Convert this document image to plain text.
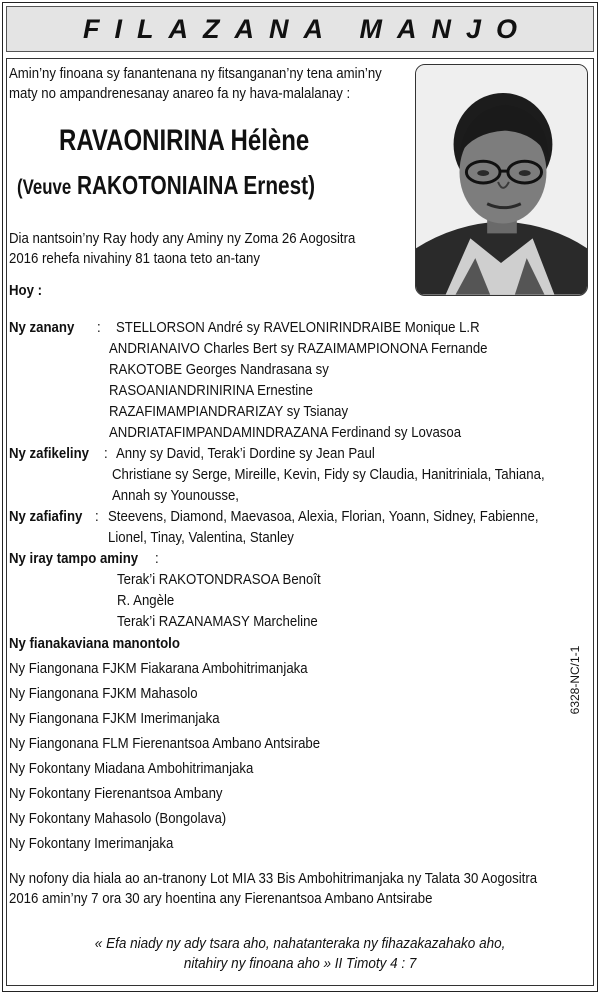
FILAZANA MANJO
Amin’ny finoana sy fanantenana ny fitsanganan’ny tena amin’ny
maty no ampandrenesanay anareo fa ny hava-malalanay :
RAVAONIRINA Hélène
(Veuve RAKOTONIAINA Ernest)
Dia nantsoin’ny Ray hody any Aminy ny Zoma 26 Aogositra
2016 rehefa nivahiny 81 taona teto an-tany
Hoy :
Ny zanany : STELLORSON André sy RAVELONIRINDRAIBE Monique L.R
ANDRIANAIVO Charles Bert sy RAZAIMAMPIONONA Fernande
RAKOTOBE Georges Nandrasana sy
RASOANIANDRINIRINA Ernestine
RAZAFIMAMPIANDRARIZAY sy Tsianay
ANDRIATAFIMPANDAMINDRAZANA Ferdinand sy Lovasoa
Ny zafikeliny : Anny sy David, Terak’i Dordine sy Jean Paul
Christiane sy Serge, Mireille, Kevin, Fidy sy Claudia, Hanitriniala, Tahiana,
Annah sy Younousse,
Ny zafiafiny : Steevens, Diamond, Maevasoa, Alexia, Florian, Yoann, Sidney, Fabienne,
Lionel, Tinay, Valentina, Stanley
Ny iray tampo aminy :
Terak’i RAKOTONDRASOA Benoît
R. Angèle
Terak’i RAZANAMASY Marcheline
Ny fianakaviana manontolo
Ny Fiangonana FJKM Fiakarana Ambohitrimanjaka
Ny Fiangonana FJKM Mahasolo
Ny Fiangonana FJKM Imerimanjaka
Ny Fiangonana FLM Fierenantsoa Ambano Antsirabe
Ny Fokontany Miadana Ambohitrimanjaka
Ny Fokontany Fierenantsoa Ambany
Ny Fokontany Mahasolo (Bongolava)
Ny Fokontany Imerimanjaka
6328-NC/1-1
Ny nofony dia hiala ao an-tranony Lot MIA 33 Bis Ambohitrimanjaka ny Talata 30 Aogositra
2016 amin’ny 7 ora 30 ary hoentina any Fierenantsoa Ambano Antsirabe
« Efa niady ny ady tsara aho, nahatanteraka ny fihazakazahako aho,
nitahiry ny finoana aho » II Timoty 4 : 7
